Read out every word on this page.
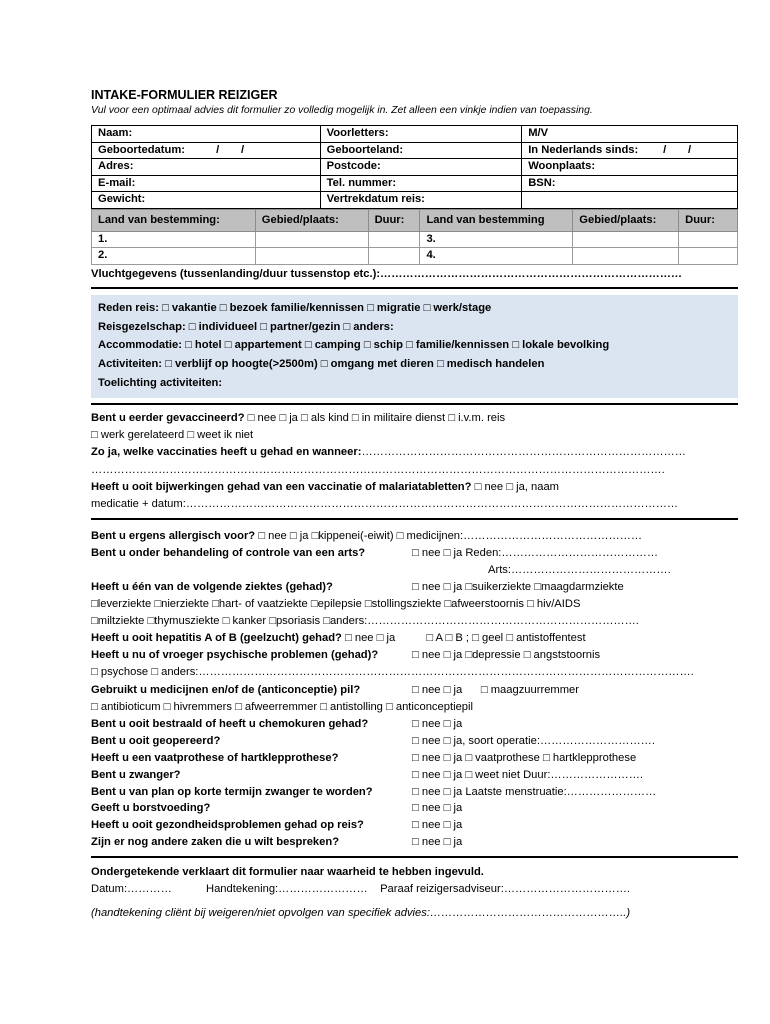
INTAKE-FORMULIER REIZIGER

Vul voor een optimaal advies dit formulier zo volledig mogelijk in. Zet alleen een vinkje indien van toepassing.
Naam:	Voorletters:	M/V
Geboortedatum:          /       /	Geboorteland:	In Nederlands sinds:        /       /
Adres:	Postcode:	Woonplaats:
E-mail:	Tel. nummer:	BSN:
Gewicht:	Vertrekdatum reis:	
Land van bestemming:	Gebied/plaats:	Duur:	Land van bestemming	Gebied/plaats:	Duur:
1.			3.		
2.			4.		
Vluchtgegevens (tussenlanding/duur tussenstop etc.):………………………………………………………………………
Reden reis: □ vakantie □ bezoek familie/kennissen □ migratie □ werk/stage
Reisgezelschap: □ individueel □ partner/gezin □ anders:
Accommodatie: □ hotel □ appartement □ camping □ schip □ familie/kennissen □ lokale bevolking
Activiteiten: □ verblijf op hoogte(>2500m) □ omgang met dieren □ medisch handelen
Toelichting activiteiten:
Bent u eerder gevaccineerd? □ nee □ ja □ als kind □ in militaire dienst □ i.v.m. reis
□ werk gerelateerd □ weet ik niet
Zo ja, welke vaccinaties heeft u gehad en wanneer:……………………………………………………………………………
……………………………………………………………………………………………………………………………………….
Heeft u ooit bijwerkingen gehad van een vaccinatie of malariatabletten? □ nee □ ja, naam
medicatie + datum:……………………………………………………………………………………………………………………
Bent u ergens allergisch voor? □ nee □ ja □kippenei(-eiwit) □ medicijnen:…………………………………………
Bent u onder behandeling of controle van een arts?	□ nee □ ja Reden:……………………………………
Arts:…………………………………….
Heeft u één van de volgende ziektes (gehad)?	□ nee □ ja □suikerziekte □maagdarmziekte
□leverziekte □nierziekte □hart- of vaatziekte □epilepsie □stollingsziekte □afweerstoornis □ hiv/AIDS
□miltziekte □thymusziekte □ kanker □psoriasis □anders:……………………………………………………………….
Heeft u ooit hepatitis A of B (geelzucht) gehad? □ nee □ ja          □ A □ B ; □ geel □ antistoffentest
Heeft u nu of vroeger psychische problemen (gehad)?	□ nee □ ja □depressie □ angststoornis
□ psychose □ anders:…………………………………………………………………………………………………………………….
Gebruikt u medicijnen en/of de (anticonceptie) pil?	□ nee □ ja      □ maagzuurremmer
□ antibioticum □ hivremmers □ afweerremmer □ antistolling □ anticonceptiepil
Bent u ooit bestraald of heeft u chemokuren gehad?	□ nee □ ja
Bent u ooit geopereerd?	□ nee □ ja, soort operatie:………………………….
Heeft u een vaatprothese of hartklepprothese?	□ nee □ ja □ vaatprothese □ hartklepprothese
Bent u zwanger?	□ nee □ ja □ weet niet Duur:…………………….
Bent u van plan op korte termijn zwanger te worden?	□ nee □ ja Laatste menstruatie:……………………
Geeft u borstvoeding?	□ nee □ ja
Heeft u ooit gezondheidsproblemen gehad op reis?	□ nee □ ja
Zijn er nog andere zaken die u wilt bespreken?	□ nee □ ja
Ondergetekende verklaart dit formulier naar waarheid te hebben ingevuld.
Datum:…………           Handtekening:……………………    Paraaf reizigersadviseur:…………………………….
(handtekening cliënt bij weigeren/niet opvolgen van specifiek advies:……………………………………………..)
